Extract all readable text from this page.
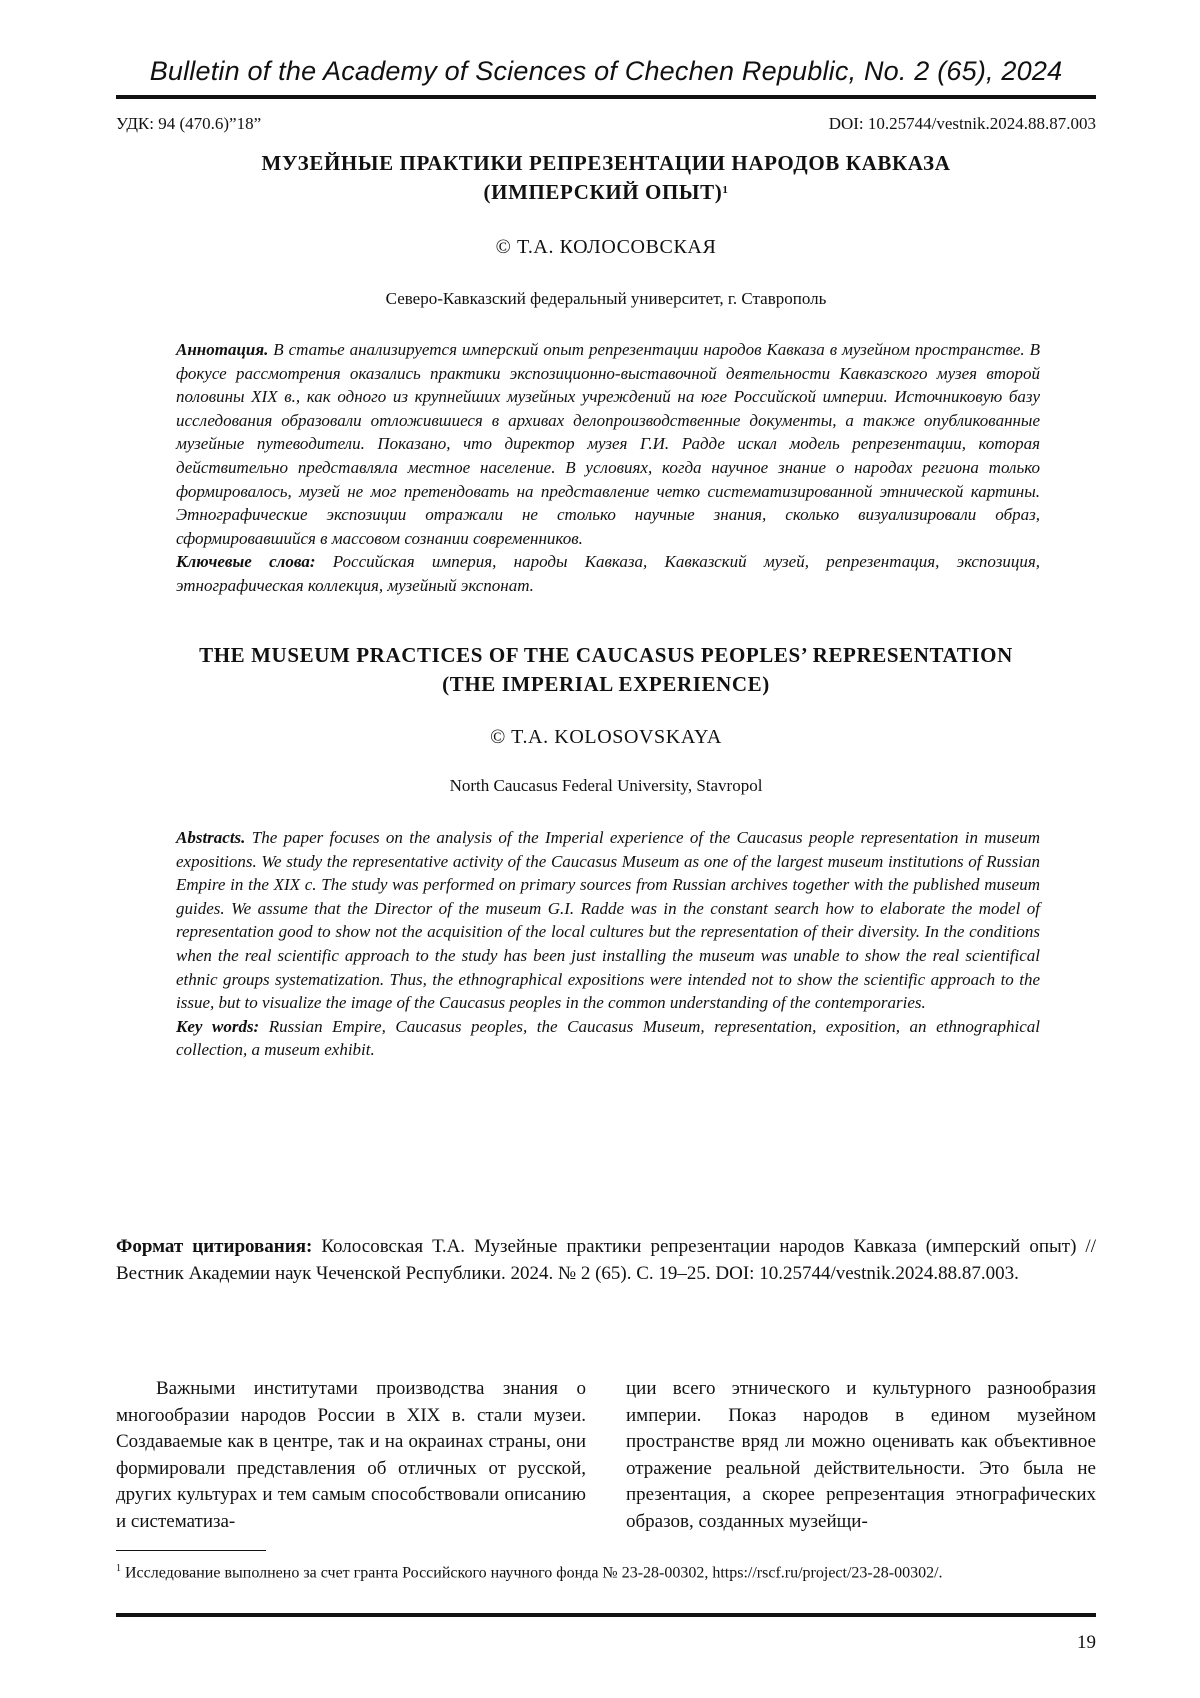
Bulletin of the Academy of Sciences of Chechen Republic, No. 2 (65), 2024
УДК: 94 (470.6)”18”	DOI: 10.25744/vestnik.2024.88.87.003
МУЗЕЙНЫЕ ПРАКТИКИ РЕПРЕЗЕНТАЦИИ НАРОДОВ КАВКАЗА
(ИМПЕРСКИЙ ОПЫТ)$^1$
© Т.А. КОЛОСОВСКАЯ
Северо-Кавказский федеральный университет, г. Ставрополь
Аннотация. В статье анализируется имперский опыт репрезентации народов Кавказа в музейном пространстве. В фокусе рассмотрения оказались практики экспозиционно-выставочной деятельности Кавказского музея второй половины XIX в., как одного из крупнейших музейных учреждений на юге Российской империи. Источниковую базу исследования образовали отложившиеся в архивах делопроизводственные документы, а также опубликованные музейные путеводители. Показано, что директор музея Г.И. Радде искал модель репрезентации, которая действительно представляла местное население. В условиях, когда научное знание о народах региона только формировалось, музей не мог претендовать на представление четко систематизированной этнической картины. Этнографические экспозиции отражали не столько научные знания, сколько визуализировали образ, сформировавшийся в массовом сознании современников.
Ключевые слова: Российская империя, народы Кавказа, Кавказский музей, репрезентация, экспозиция, этнографическая коллекция, музейный экспонат.
THE MUSEUM PRACTICES OF THE CAUCASUS PEOPLES’ REPRESENTATION
(THE IMPERIAL EXPERIENCE)
© T.A. KOLOSOVSKAYA
North Caucasus Federal University, Stavropol
Abstracts. The paper focuses on the analysis of the Imperial experience of the Caucasus people representation in museum expositions. We study the representative activity of the Caucasus Museum as one of the largest museum institutions of Russian Empire in the XIX c. The study was performed on primary sources from Russian archives together with the published museum guides. We assume that the Director of the museum G.I. Radde was in the constant search how to elaborate the model of representation good to show not the acquisition of the local cultures but the representation of their diversity. In the conditions when the real scientific approach to the study has been just installing the museum was unable to show the real scientifical ethnic groups systematization. Thus, the ethnographical expositions were intended not to show the scientific approach to the issue, but to visualize the image of the Caucasus peoples in the common understanding of the contemporaries.
Key words: Russian Empire, Caucasus peoples, the Caucasus Museum, representation, exposition, an ethnographical collection, a museum exhibit.
Формат цитирования: Колосовская Т.А. Музейные практики репрезентации народов Кавказа (имперский опыт) // Вестник Академии наук Чеченской Республики. 2024. № 2 (65). С. 19–25. DOI: 10.25744/vestnik.2024.88.87.003.

Важными институтами производства знания о многообразии народов России в XIX в. стали музеи. Создаваемые как в центре, так и на окраинах страны, они формировали представления об отличных от русской, других культурах и тем самым способствовали описанию и систематиза-

ции всего этнического и культурного разнообразия империи. Показ народов в едином музейном пространстве вряд ли можно оценивать как объективное отражение реальной действительности. Это была не презентация, а скорее репрезентация этнографических образов, созданных музейщи-

$^1$ Исследование выполнено за счет гранта Российского научного фонда № 23-28-00302, https://rscf.ru/project/23-28-00302/.
19
